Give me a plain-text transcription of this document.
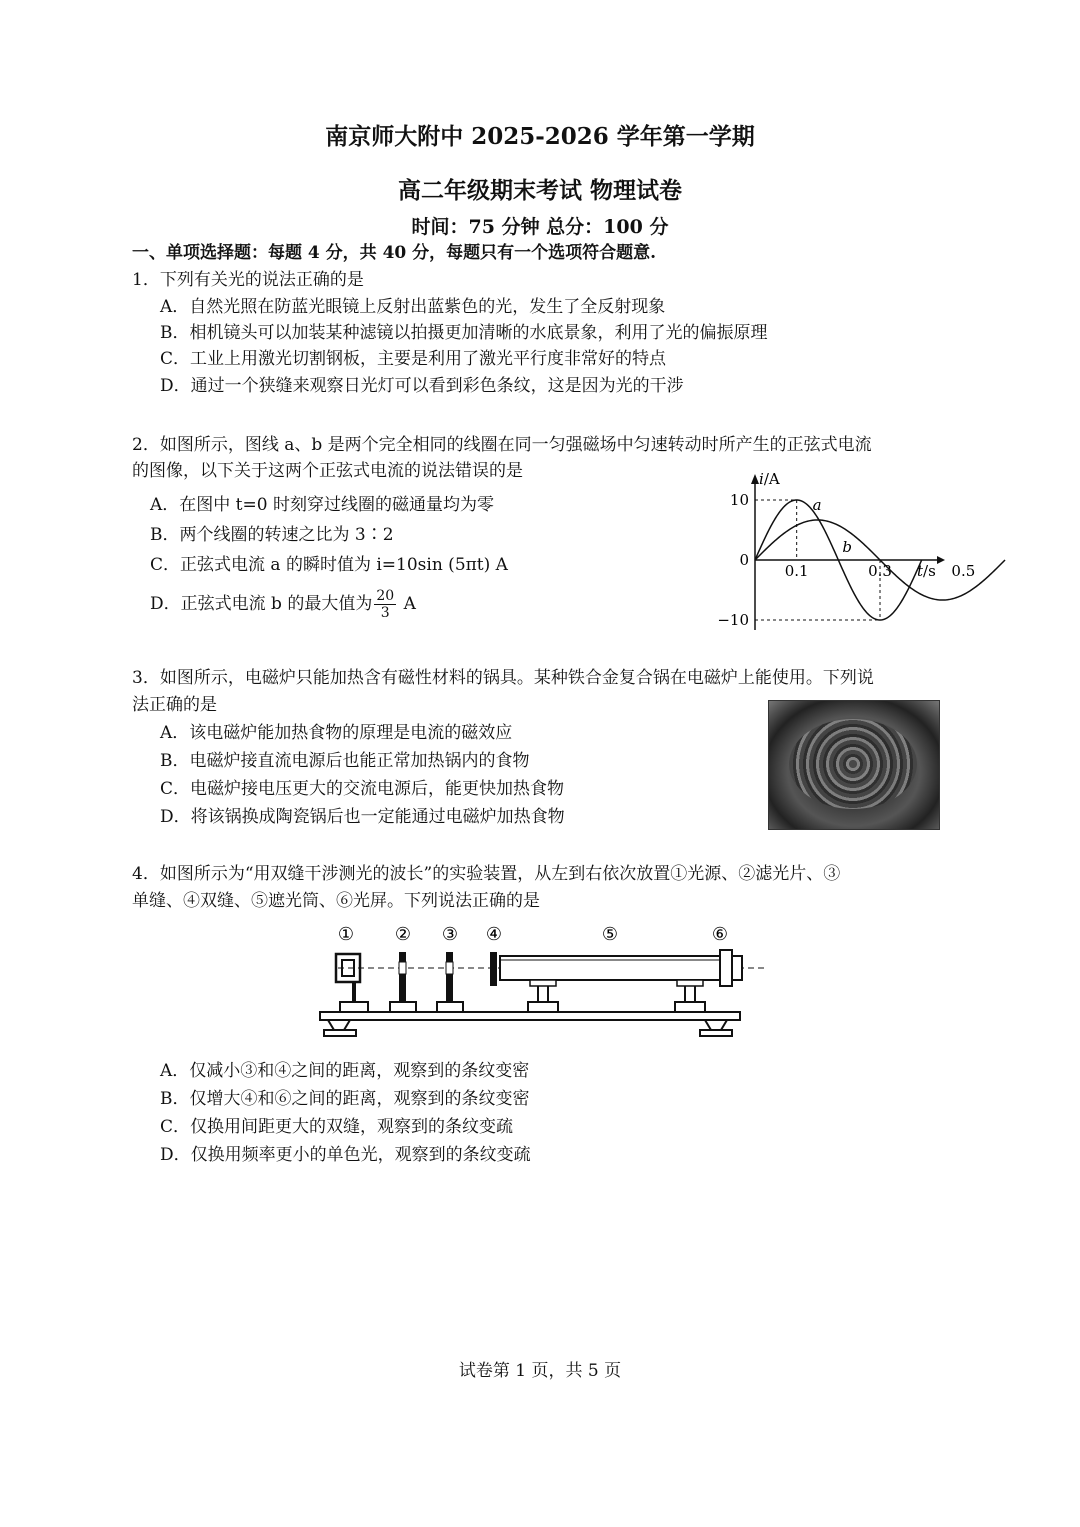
南京师大附中 2025-2026 学年第一学期
高二年级期末考试 物理试卷
时间：75 分钟 总分：100 分
一、单项选择题：每题 4 分，共 40 分，每题只有一个选项符合题意.
1．下列有关光的说法正确的是
A．自然光照在防蓝光眼镜上反射出蓝紫色的光，发生了全反射现象
B．相机镜头可以加装某种滤镜以拍摄更加清晰的水底景象，利用了光的偏振原理
C．工业上用激光切割钢板，主要是利用了激光平行度非常好的特点
D．通过一个狭缝来观察日光灯可以看到彩色条纹，这是因为光的干涉
2．如图所示，图线 a、b 是两个完全相同的线圈在同一匀强磁场中匀速转动时所产生的正弦式电流
的图像，以下关于这两个正弦式电流的说法错误的是
A．在图中 t=0 时刻穿过线圈的磁通量均为零
B．两个线圈的转速之比为 3∶2
C．正弦式电流 a 的瞬时值为 i=10sin (5πt) A
D．正弦式电流 b 的最大值为 $\frac{20}{3}$ A
a
b
i/A
t/s
10
0
−10
0.1	0.3	0.5
3．如图所示，电磁炉只能加热含有磁性材料的锅具。某种铁合金复合锅在电磁炉上能使用。下列说
法正确的是
A．该电磁炉能加热食物的原理是电流的磁效应
B．电磁炉接直流电源后也能正常加热锅内的食物
C．电磁炉接电压更大的交流电源后，能更快加热食物
D．将该锅换成陶瓷锅后也一定能通过电磁炉加热食物
4．如图所示为“用双缝干涉测光的波长”的实验装置，从左到右依次放置①光源、②滤光片、③
单缝、④双缝、⑤遮光筒、⑥光屏。下列说法正确的是
① ② ③ ④	⑤	⑥
A．仅减小③和④之间的距离，观察到的条纹变密
B．仅增大④和⑥之间的距离，观察到的条纹变密
C．仅换用间距更大的双缝，观察到的条纹变疏
D．仅换用频率更小的单色光，观察到的条纹变疏
试卷第 1 页，共 5 页
